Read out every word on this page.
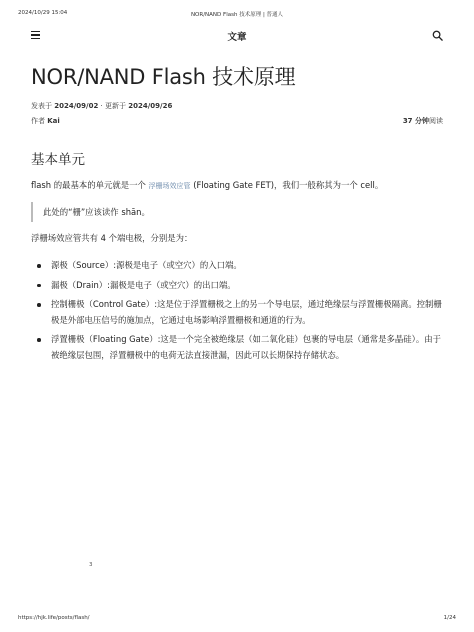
2024/10/29 15:04	NOR/NAND Flash 技术原理 | 普通人
文章
NOR/NAND Flash 技术原理
发表于 2024/09/02 · 更新于 2024/09/26
作者 Kai	37 分钟阅读
基本单元

flash 的最基本的单元就是一个 浮栅场效应管 (Floating Gate FET)，我们一般称其为一个 cell。

此处的“栅”应该读作 shān。

浮栅场效应管共有 4 个端电极，分别是为：

源极（Source）:源极是电子（或空穴）的入口端。
漏极（Drain）:漏极是电子（或空穴）的出口端。
控制栅极（Control Gate）:这是位于浮置栅极之上的另一个导电层，通过绝缘层与浮置栅极隔离。控制栅极是外部电压信号的施加点，它通过电场影响浮置栅极和通道的行为。
浮置栅极（Floating Gate）:这是一个完全被绝缘层（如二氧化硅）包裹的导电层（通常是多晶硅）。由于被绝缘层包围，浮置栅极中的电荷无法直接泄漏，因此可以长期保持存储状态。
3
https://hjk.life/posts/flash/	1/24
